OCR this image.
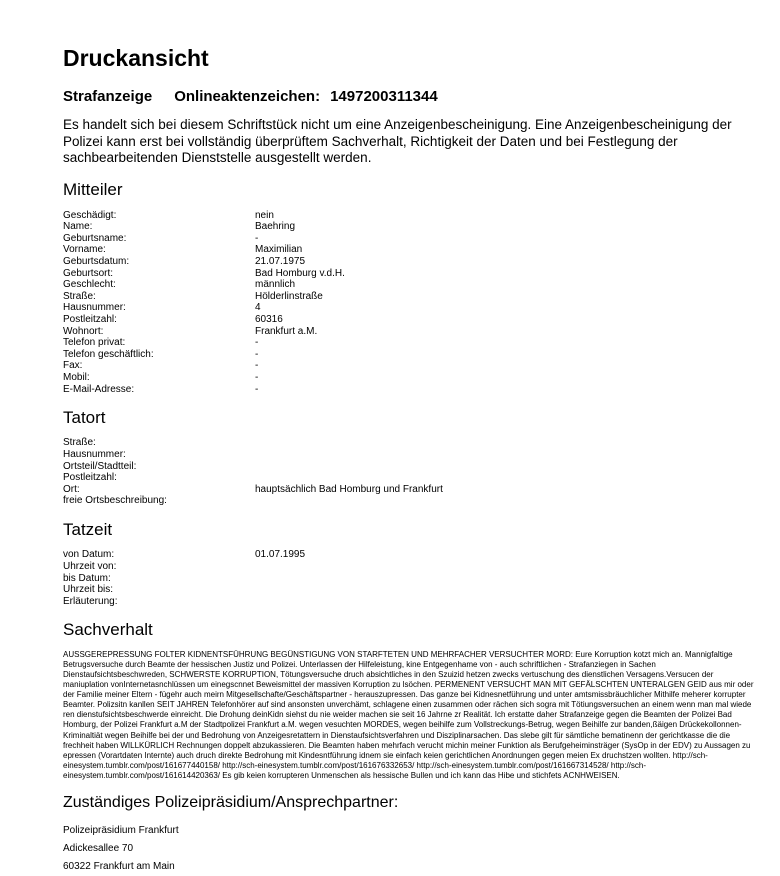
Druckansicht
Strafanzeige Onlineaktenzeichen: 1497200311344

Es handelt sich bei diesem Schriftstück nicht um eine Anzeigenbescheinigung. Eine Anzeigenbescheinigung der Polizei kann erst bei vollständig überprüftem Sachverhalt, Richtigkeit der Daten und bei Festlegung der sachbearbeitenden Dienststelle ausgestellt werden.

Mitteiler
Geschädigt:	nein
Name:	Baehring
Geburtsname:	-
Vorname:	Maximilian
Geburtsdatum:	21.07.1975
Geburtsort:	Bad Homburg v.d.H.
Geschlecht:	männlich
Straße:	Hölderlinstraße
Hausnummer:	4
Postleitzahl:	60316
Wohnort:	Frankfurt a.M.
Telefon privat:	-
Telefon geschäftlich:	-
Fax:	-
Mobil:	-
E-Mail-Adresse:	-
Tatort
Straße:
Hausnummer:
Ortsteil/Stadtteil:
Postleitzahl:
Ort:	hauptsächlich Bad Homburg und Frankfurt
freie Ortsbeschreibung:
Tatzeit
von Datum:	01.07.1995
Uhrzeit von:
bis Datum:
Uhrzeit bis:
Erläuterung:
Sachverhalt
AUSSGEREPRESSUNG FOLTER KIDNENTSFÜHRUNG BEGÜNSTIGUNG VON STARFTETEN UND MEHRFACHER VERSUCHTER MORD: Eure Korruption kotzt mich an. Mannigfaltige Betrugsversuche durch Beamte der hessischen Justiz und Polizei. Unterlassen der Hilfeleistung, kine Entgegenhame von - auch schriftlichen - Strafanziegen in Sachen Dienstaufsichtsbeschwreden, SCHWERSTE KORRUPTION, Tötungsversuche druch absichtliches in den Szuizid hetzen zwecks vertuschung des dienstlichen Versagens.Versucen der maniuplation vonInternetasnchlüssen um einegscnnet Beweismittel der massiven Korruption zu lsöchen. PERMENENT VERSUCHT MAN MIT GEFÄLSCHTEN UNTERALGEN GEID aus mir oder der Familie meiner Eltern - fügehr auch meirn Mitgesellschafte/Geschäftspartner - herauszupressen. Das ganze bei Kidnesnetführung und unter amtsmissbräuchlicher Mithilfe meherer korrupter Beamter. Polizsitn kanllen SEIT JAHREN Telefonhörer auf sind ansonsten unverchämt, schlagene einen zusammen oder rächen sich sogra mit Tötiungsversuchen an einem wenn man mal wiede ren dienstufsichtsbeschwerde einreicht. Die Drohung deinKidn siehst du nie weider machen sie seit 16 Jahrne zr Realität. Ich erstatte daher Strafanzeige gegen die Beamten der Polizei Bad Homburg, der Polizei Frankfurt a.M der Stadtpolizei Frankfurt a.M. wegen vesuchten MORDES, wegen beihilfe zum Vollstreckungs-Betrug, wegen Beihilfe zur banden,ßäigen Drückekollonnen-Kriminaltiät wegen Beihilfe bei der und Bedrohung von Anzeigesretattern in Dienstaufsichtsverfahren und Disziplinarsachen. Das slebe gilt für sämtliche bematinenn der gerichtkasse die die frechheit haben WILLKÜRLICH Rechnungen doppelt abzukassieren. Die Beamten haben mehrfach verucht michin meiner Funktion als Berufgeheiminsträger (SysOp in der EDV) zu Aussagen zu epressen (Vorartdaten Internte) auch druch direkte Bedrohung mit Kindesntführung idnem sie einfach keien gerichtlichen Anordnungen gegen meien Ex druchstzen wollten. http://sch-einesystem.tumblr.com/post/161677440158/ http://sch-einesystem.tumblr.com/post/161676332653/ http://sch-einesystem.tumblr.com/post/161667314528/ http://sch-einesystem.tumblr.com/post/161614420363/ Es gib keien korrupteren Unmenschen als hessische Bullen und ich kann das Hibe und stichfets ACNHWEISEN.
Zuständiges Polizeipräsidium/Ansprechpartner:
Polizeipräsidium Frankfurt
Adickesallee 70
60322 Frankfurt am Main
